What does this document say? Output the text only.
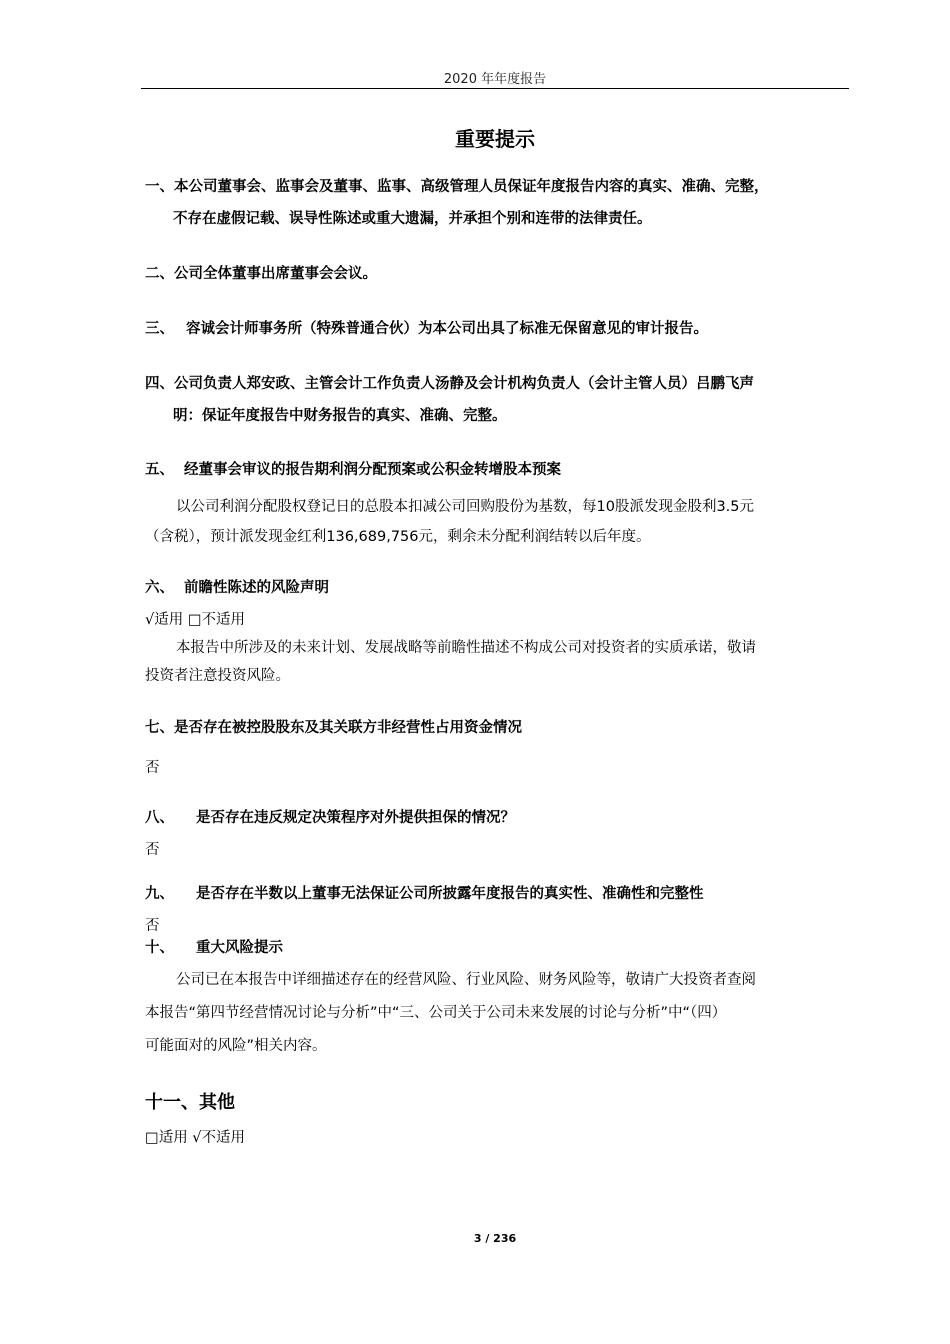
2020 年年度报告
重要提示
一、本公司董事会、监事会及董事、监事、高级管理人员保证年度报告内容的真实、准确、完整，
不存在虚假记载、误导性陈述或重大遗漏，并承担个别和连带的法律责任。
二、公司全体董事出席董事会会议。
三、 容诚会计师事务所（特殊普通合伙）为本公司出具了标准无保留意见的审计报告。
四、公司负责人郑安政、主管会计工作负责人汤静及会计机构负责人（会计主管人员）吕鹏飞声
明：保证年度报告中财务报告的真实、准确、完整。
五、 经董事会审议的报告期利润分配预案或公积金转增股本预案
以公司利润分配股权登记日的总股本扣减公司回购股份为基数，每10股派发现金股利3.5元
（含税），预计派发现金红利136,689,756元，剩余未分配利润结转以后年度。
六、 前瞻性陈述的风险声明
√适用 □不适用
本报告中所涉及的未来计划、发展战略等前瞻性描述不构成公司对投资者的实质承诺，敬请
投资者注意投资风险。
七、是否存在被控股股东及其关联方非经营性占用资金情况
否
八、 是否存在违反规定决策程序对外提供担保的情况？
否
九、 是否存在半数以上董事无法保证公司所披露年度报告的真实性、准确性和完整性
否
十、 重大风险提示
公司已在本报告中详细描述存在的经营风险、行业风险、财务风险等，敬请广大投资者查阅
本报告“第四节经营情况讨论与分析”中“三、公司关于公司未来发展的讨论与分析”中“（四）
可能面对的风险”相关内容。
十一、其他
□适用 √不适用
3 / 236
